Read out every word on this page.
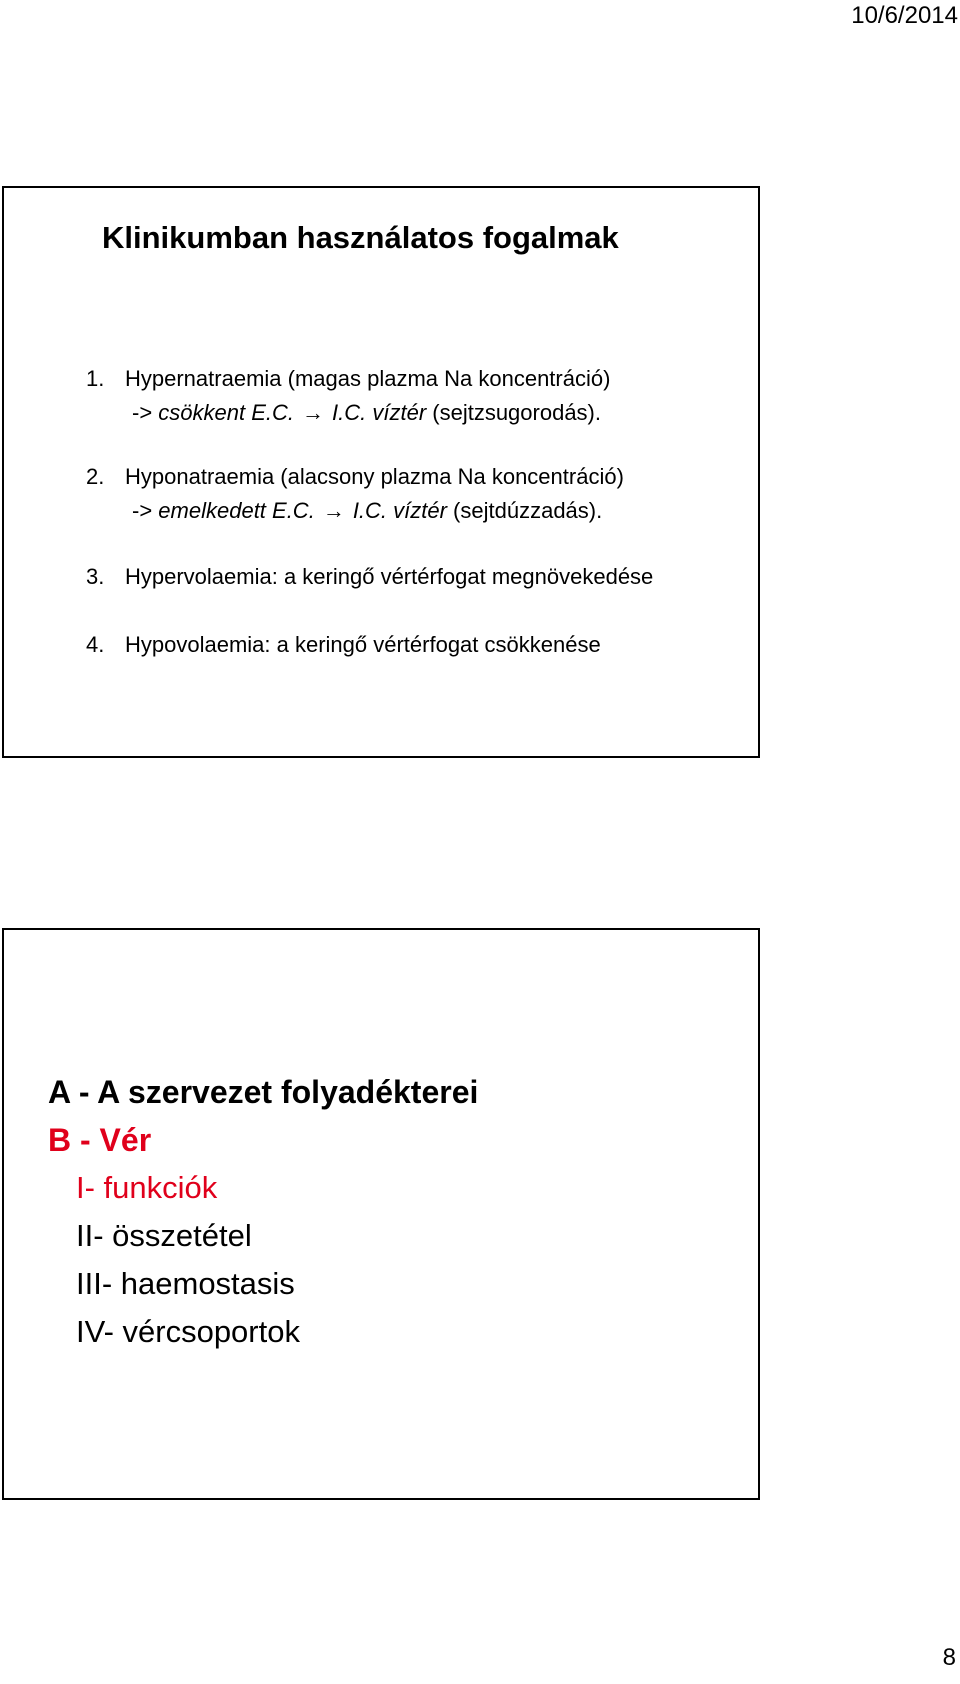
10/6/2014
Klinikumban használatos fogalmak
1. Hypernatraemia (magas plazma Na koncentráció)
-> csökkent E.C. → I.C. víztér (sejtzsugorodás).
2. Hyponatraemia (alacsony plazma Na koncentráció)
-> emelkedett E.C. → I.C. víztér (sejtdúzzadás).
3. Hypervolaemia: a keringő vértérfogat megnövekedése
4. Hypovolaemia: a keringő vértérfogat csökkenése
A - A szervezet folyadékterei
B - Vér
I- funkciók
II- összetétel
III- haemostasis
IV- vércsoportok
8
